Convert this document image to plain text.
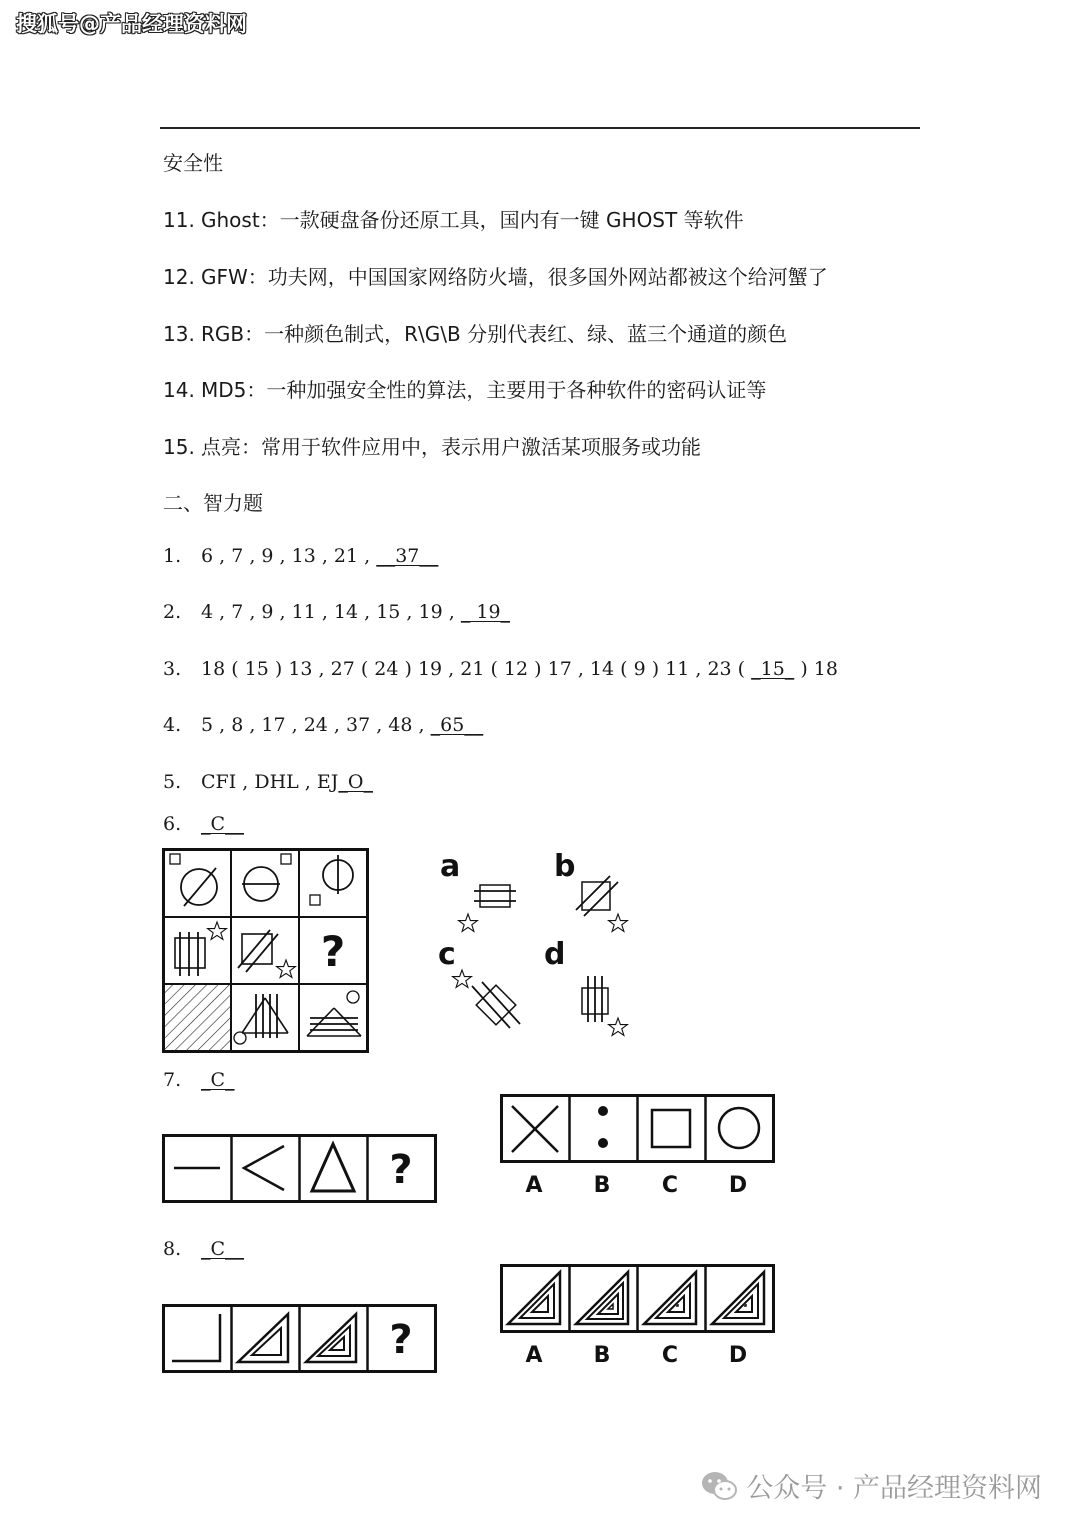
搜狐号@产品经理资料网
安全性
11. Ghost：一款硬盘备份还原工具，国内有一键 GHOST 等软件
12. GFW：功夫网，中国国家网络防火墙，很多国外网站都被这个给河蟹了
13. RGB：一种颜色制式，R\G\B 分别代表红、绿、蓝三个通道的颜色
14. MD5：一种加强安全性的算法，主要用于各种软件的密码认证等
15. 点亮：常用于软件应用中，表示用户激活某项服务或功能
二、智力题
1. 6 , 7 , 9 , 13 , 21 , __37__
2. 4 , 7 , 9 , 11 , 14 , 15 , 19 , _ 19_
3. 18 ( 15 ) 13 , 27 ( 24 ) 19 , 21 ( 12 ) 17 , 14 ( 9 ) 11 , 23 ( _15_ ) 18
4. 5 , 8 , 17 , 24 , 37 , 48 , _65__
5. CFI , DHL , EJ_O_
6. _C__
?
a	b
c	d
7. _C_
?	A B C D
8. _C__
?	A B C D
公众号 · 产品经理资料网
